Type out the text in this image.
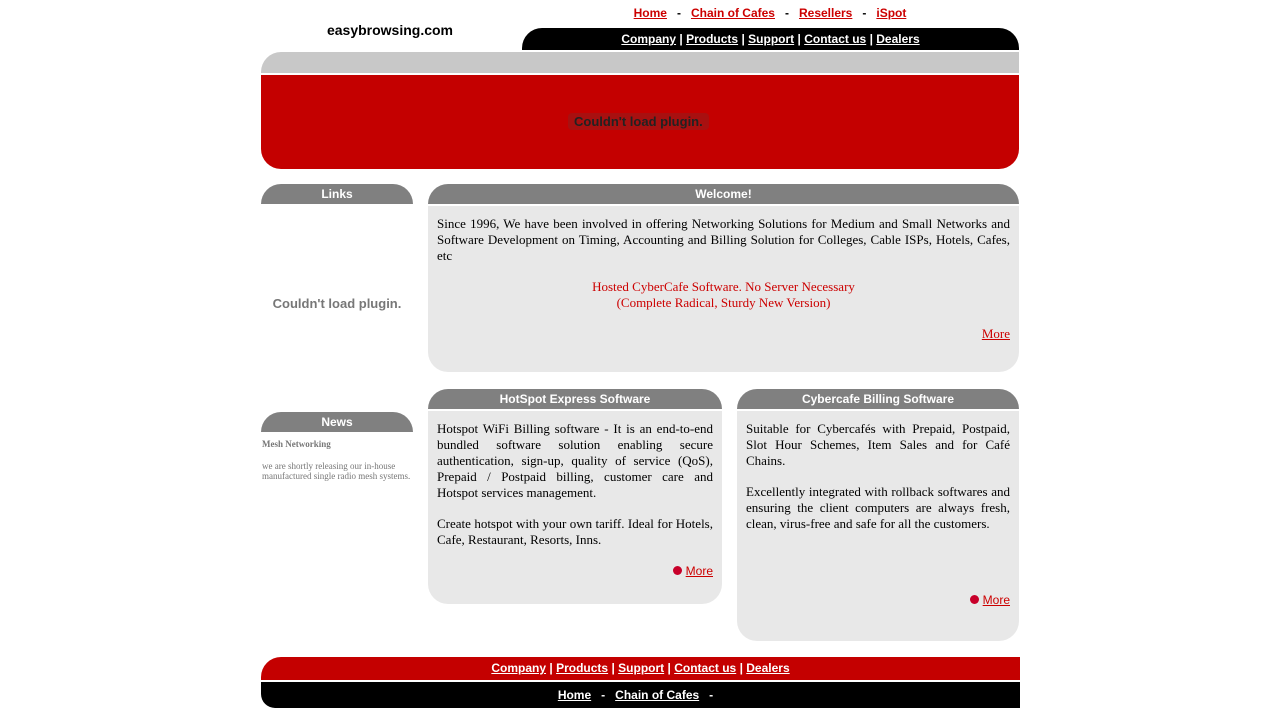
easybrowsing.com
Home - Chain of Cafes - Resellers - iSpot
Company | Products | Support | Contact us | Dealers
Couldn't load plugin.
Links
Couldn't load plugin.
News
Mesh Networking
we are shortly releasing our in-house manufactured single radio mesh systems.
Welcome!

Since 1996, We have been involved in offering Networking Solutions for Medium and Small Networks and Software Development on Timing, Accounting and Billing Solution for Colleges, Cable ISPs, Hotels, Cafes, etc

Hosted CyberCafe Software. No Server Necessary
(Complete Radical, Sturdy New Version)
More
HotSpot Express Software

Hotspot WiFi Billing software - It is an end-to-end bundled software solution enabling secure authentication, sign-up, quality of service (QoS), Prepaid / Postpaid billing, customer care and Hotspot services management.

Create hotspot with your own tariff. Ideal for Hotels, Cafe, Restaurant, Resorts, Inns.

More
Cybercafe Billing Software

Suitable for Cybercafés with Prepaid, Postpaid, Slot Hour Schemes, Item Sales and for Café Chains.

Excellently integrated with rollback softwares and ensuring the client computers are always fresh, clean, virus-free and safe for all the customers.

More
Company | Products | Support | Contact us | Dealers
Home - Chain of Cafes -
